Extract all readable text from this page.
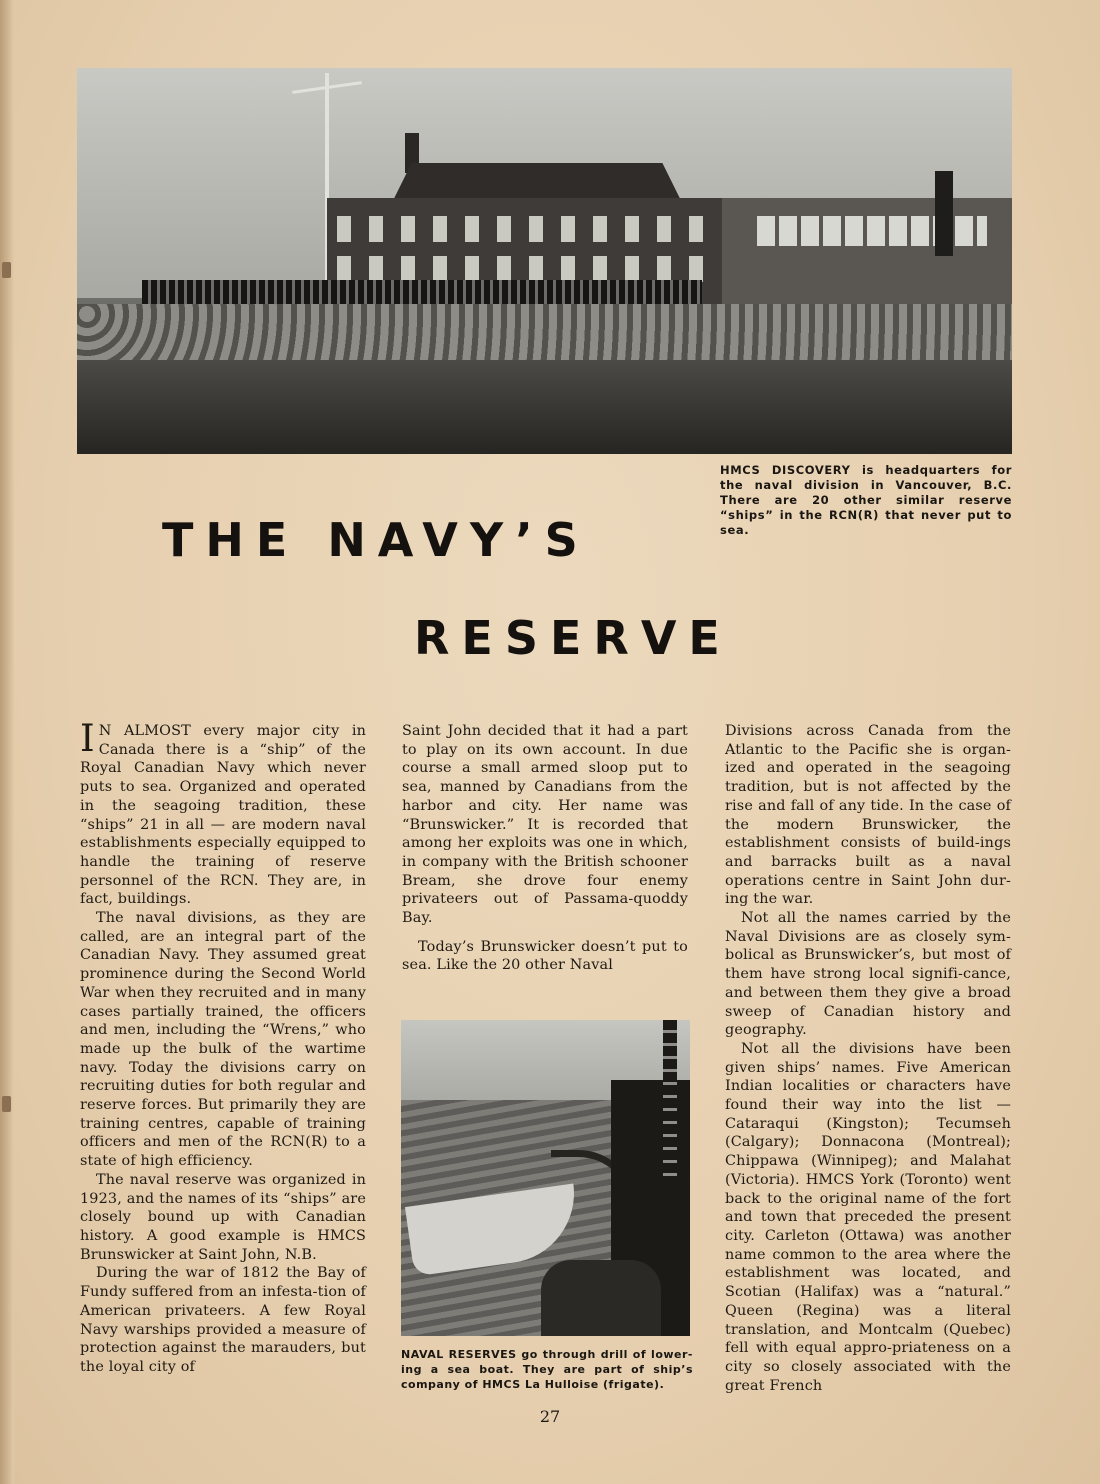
HMCS DISCOVERY is headquarters for the naval division in Vancouver, B.C. There are 20 other similar reserve “ships” in the RCN(R) that never put to sea.
THE NAVY’S
RESERVE

I N ALMOST every major city in Canada there is a “ship” of the Royal Canadian Navy which never puts to sea. Organized and operated in the seagoing tradition, these “ships” 21 in all — are modern naval establishments especially equipped to handle the training of reserve personnel of the RCN. They are, in fact, buildings.

The naval divisions, as they are called, are an integral part of the Canadian Navy. They assumed great prominence during the Second World War when they recruited and in many cases partially trained, the officers and men, including the “Wrens,” who made up the bulk of the wartime navy. Today the divisions carry on recruiting duties for both regular and reserve forces. But primarily they are training centres, capable of training officers and men of the RCN(R) to a state of high efficiency.

The naval reserve was organized in 1923, and the names of its “ships” are closely bound up with Canadian history. A good example is HMCS Brunswicker at Saint John, N.B.

During the war of 1812 the Bay of Fundy suffered from an infesta-tion of American privateers. A few Royal Navy warships provided a measure of protection against the marauders, but the loyal city of

Saint John decided that it had a part to play on its own account. In due course a small armed sloop put to sea, manned by Canadians from the harbor and city. Her name was “Brunswicker.” It is recorded that among her exploits was one in which, in company with the British schooner Bream, she drove four enemy privateers out of Passama-quoddy Bay.

Today’s Brunswicker doesn’t put to sea. Like the 20 other Naval

NAVAL RESERVES go through drill of lower-ing a sea boat. They are part of ship’s company of HMCS La Hulloise (frigate).

Divisions across Canada from the Atlantic to the Pacific she is organ-ized and operated in the seagoing tradition, but is not affected by the rise and fall of any tide. In the case of the modern Brunswicker, the establishment consists of build-ings and barracks built as a naval operations centre in Saint John dur-ing the war.

Not all the names carried by the Naval Divisions are as closely sym-bolical as Brunswicker’s, but most of them have strong local signifi-cance, and between them they give a broad sweep of Canadian history and geography.

Not all the divisions have been given ships’ names. Five American Indian localities or characters have found their way into the list — Cataraqui (Kingston); Tecumseh (Calgary); Donnacona (Montreal); Chippawa (Winnipeg); and Malahat (Victoria). HMCS York (Toronto) went back to the original name of the fort and town that preceded the present city. Carleton (Ottawa) was another name common to the area where the establishment was located, and Scotian (Halifax) was a “natural.” Queen (Regina) was a literal translation, and Montcalm (Quebec) fell with equal appro-priateness on a city so closely associated with the great French

27
